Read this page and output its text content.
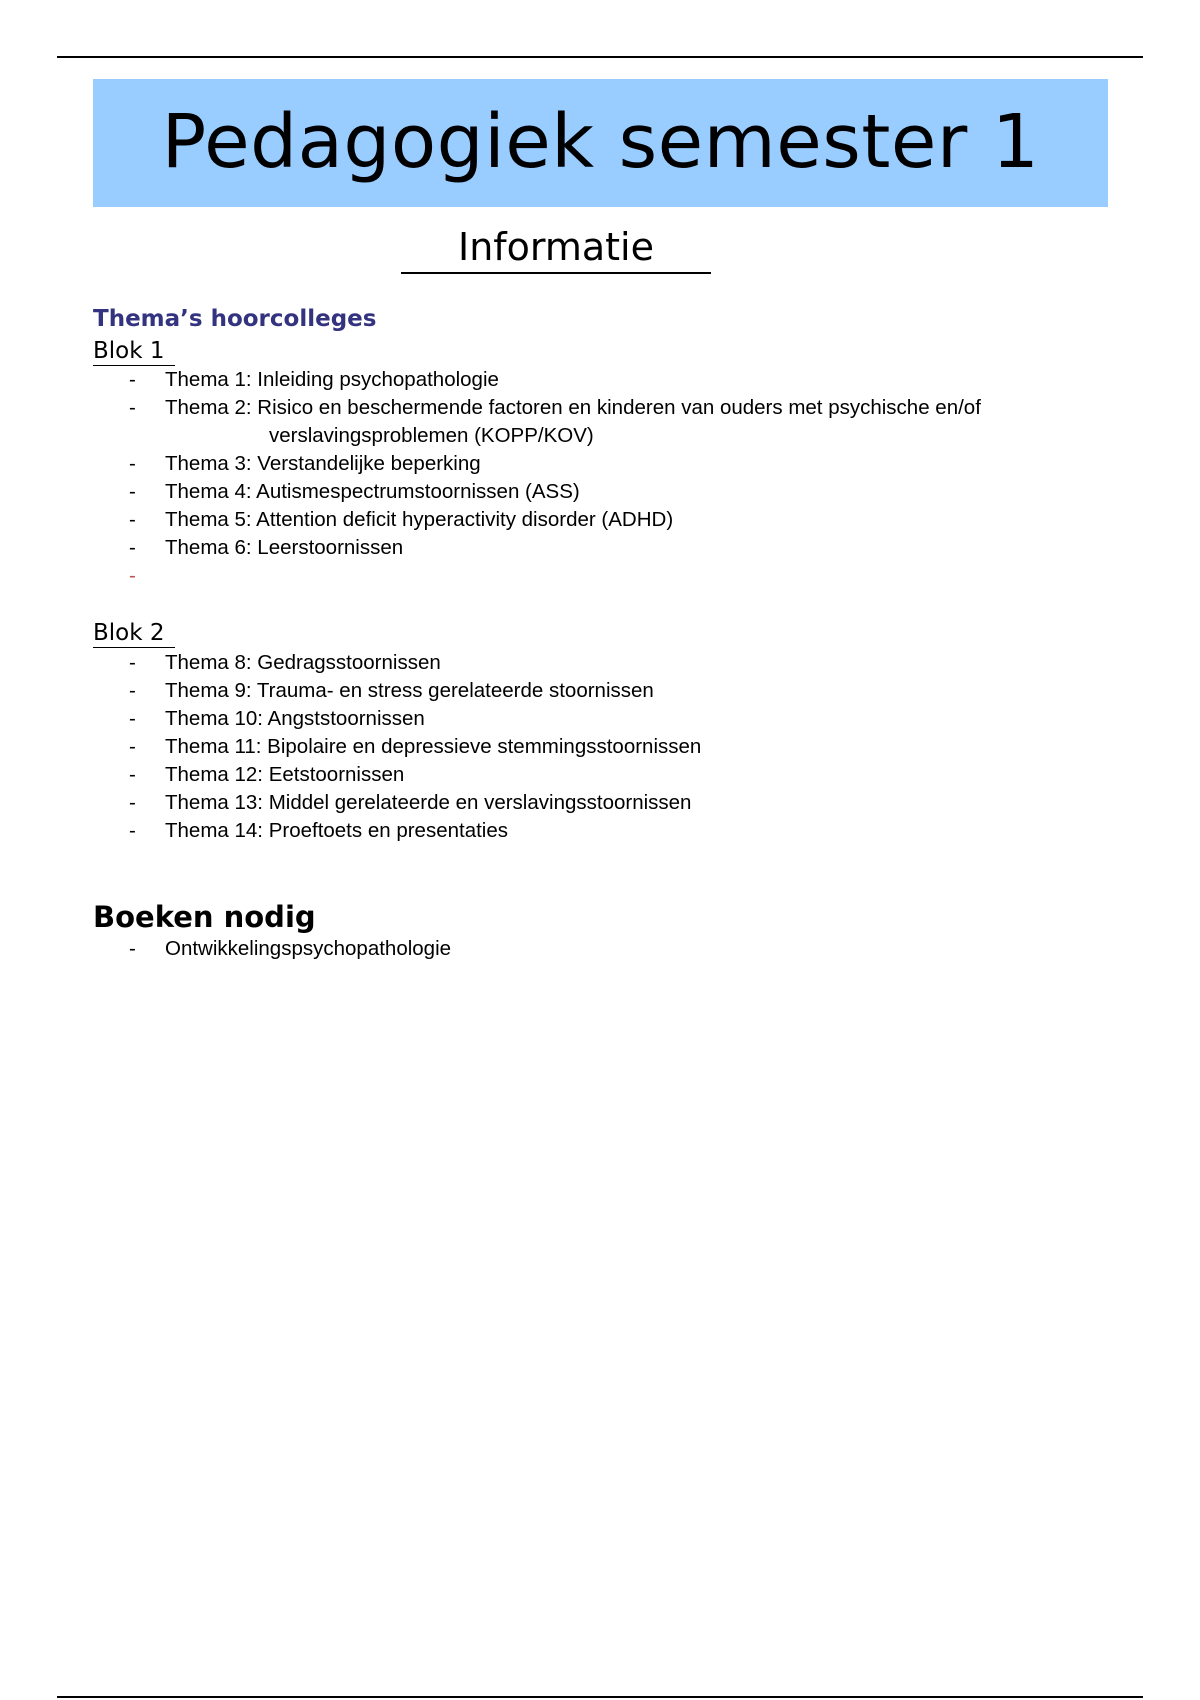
Pedagogiek semester 1
Informatie
Thema’s hoorcolleges
Blok 1
- Thema 1: Inleiding psychopathologie
- Thema 2: Risico en beschermende factoren en kinderen van ouders met psychische en/of
verslavingsproblemen (KOPP/KOV)
- Thema 3: Verstandelijke beperking
- Thema 4: Autismespectrumstoornissen (ASS)
- Thema 5: Attention deficit hyperactivity disorder (ADHD)
- Thema 6: Leerstoornissen
-

Blok 2
- Thema 8: Gedragsstoornissen
- Thema 9: Trauma- en stress gerelateerde stoornissen
- Thema 10: Angststoornissen
- Thema 11: Bipolaire en depressieve stemmingsstoornissen
- Thema 12: Eetstoornissen
- Thema 13: Middel gerelateerde en verslavingsstoornissen
- Thema 14: Proeftoets en presentaties
Boeken nodig
- Ontwikkelingspsychopathologie
